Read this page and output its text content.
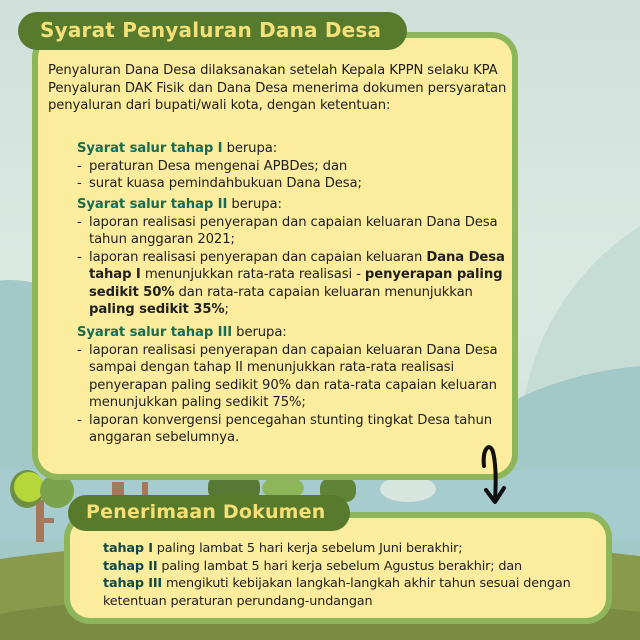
Syarat Penyaluran Dana Desa
Penyaluran Dana Desa dilaksanakan setelah Kepala KPPN selaku KPA Penyaluran DAK Fisik dan Dana Desa menerima dokumen persyaratan penyaluran dari bupati/wali kota, dengan ketentuan:
Syarat salur tahap I berupa:
- peraturan Desa mengenai APBDes; dan
- surat kuasa pemindahbukuan Dana Desa;
Syarat salur tahap II berupa:
- laporan realisasi penyerapan dan capaian keluaran Dana Desa tahun anggaran 2021;
- laporan realisasi penyerapan dan capaian keluaran Dana Desa tahap I menunjukkan rata-rata realisasi - penyerapan paling sedikit 50% dan rata-rata capaian keluaran menunjukkan paling sedikit 35%;
Syarat salur tahap III berupa:
- laporan realisasi penyerapan dan capaian keluaran Dana Desa sampai dengan tahap II menunjukkan rata-rata realisasi penyerapan paling sedikit 90% dan rata-rata capaian keluaran menunjukkan paling sedikit 75%;
- laporan konvergensi pencegahan stunting tingkat Desa tahun anggaran sebelumnya.
Penerimaan Dokumen
tahap I paling lambat 5 hari kerja sebelum Juni berakhir;
tahap II paling lambat 5 hari kerja sebelum Agustus berakhir; dan
tahap III mengikuti kebijakan langkah-langkah akhir tahun sesuai dengan ketentuan peraturan perundang-undangan
